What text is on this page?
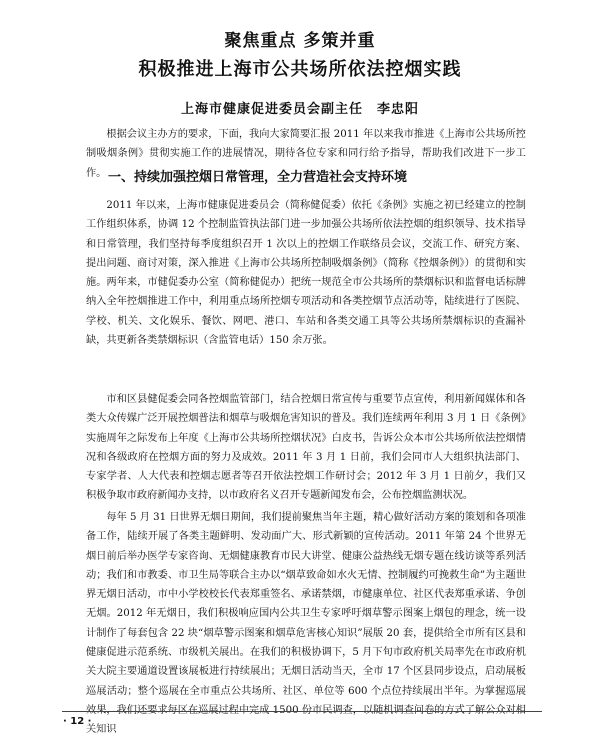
聚焦重点 多策并重
积极推进上海市公共场所依法控烟实践
上海市健康促进委员会副主任　李忠阳

根据会议主办方的要求，下面，我向大家简要汇报 2011 年以来我市推进《上海市公共场所控制吸烟条例》贯彻实施工作的进展情况，期待各位专家和同行给予指导，帮助我们改进下一步工作。 一、持续加强控烟日常管理，全力营造社会支持环境

2011 年以来，上海市健康促进委员会（简称健促委）依托《条例》实施之初已经建立的控制工作组织体系，协调 12 个控制监管执法部门进一步加强公共场所依法控烟的组织领导、技术指导和日常管理，我们坚持每季度组织召开 1 次以上的控烟工作联络员会议，交流工作、研究方案、提出问题、商讨对策，深入推进《上海市公共场所控制吸烟条例》（简称《控烟条例》）的贯彻和实施。两年来，市健促委办公室（简称健促办）把统一规范全市公共场所的禁烟标识和监督电话标牌纳入全年控烟推进工作中，利用重点场所控烟专项活动和各类控烟节点活动等，陆续进行了医院、学校、机关、文化娱乐、餐饮、网吧、港口、车站和各类交通工具等公共场所禁烟标识的查漏补缺，共更新各类禁烟标识（含监管电话）150 余万张。

市和区县健促委会同各控烟监管部门，结合控烟日常宣传与重要节点宣传，利用新闻媒体和各类大众传媒广泛开展控烟普法和烟草与吸烟危害知识的普及。我们连续两年利用 3 月 1 日《条例》实施周年之际发布上年度《上海市公共场所控烟状况》白皮书，告诉公众本市公共场所依法控烟情况和各级政府在控烟方面的努力及成效。2011 年 3 月 1 日前，我们会同市人大组织执法部门、专家学者、人大代表和控烟志愿者等召开依法控烟工作研讨会；2012 年 3 月 1 日前夕，我们又积极争取市政府新闻办支持，以市政府名义召开专题新闻发布会，公布控烟监测状况。

每年 5 月 31 日世界无烟日期间，我们提前聚焦当年主题，精心做好活动方案的策划和各项准备工作，陆续开展了各类主题鲜明、发动面广大、形式新颖的宣传活动。2011 年第 24 个世界无烟日前后举办医学专家咨询、无烟健康教育市民大讲堂、健康公益热线无烟专题在线访谈等系列活动；我们和市教委、市卫生局等联合主办以“烟草致命如水火无情、控制履约可挽救生命”为主题世界无烟日活动，市中小学校校长代表郑重签名、承诺禁烟，市健康单位、社区代表郑重承诺、争创无烟。2012 年无烟日，我们积极响应国内公共卫生专家呼吁烟草警示图案上烟包的理念，统一设计制作了每套包含 22 块“烟草警示图案和烟草危害核心知识”展版 20 套，提供给全市所有区县和健康促进示范系统、市级机关展出。在我们的积极协调下，5 月下旬市政府机关局率先在市政府机关大院主要通道设置该展板进行持续展出；无烟日活动当天，全市 17 个区县同步设点，启动展板巡展活动；整个巡展在全市重点公共场所、社区、单位等 600 个点位持续展出半年。为掌握巡展效果，我们还要求每区在巡展过程中完成 1500 份市民调查，以随机调查问卷的方式了解公众对相关知识

· 12 ·
